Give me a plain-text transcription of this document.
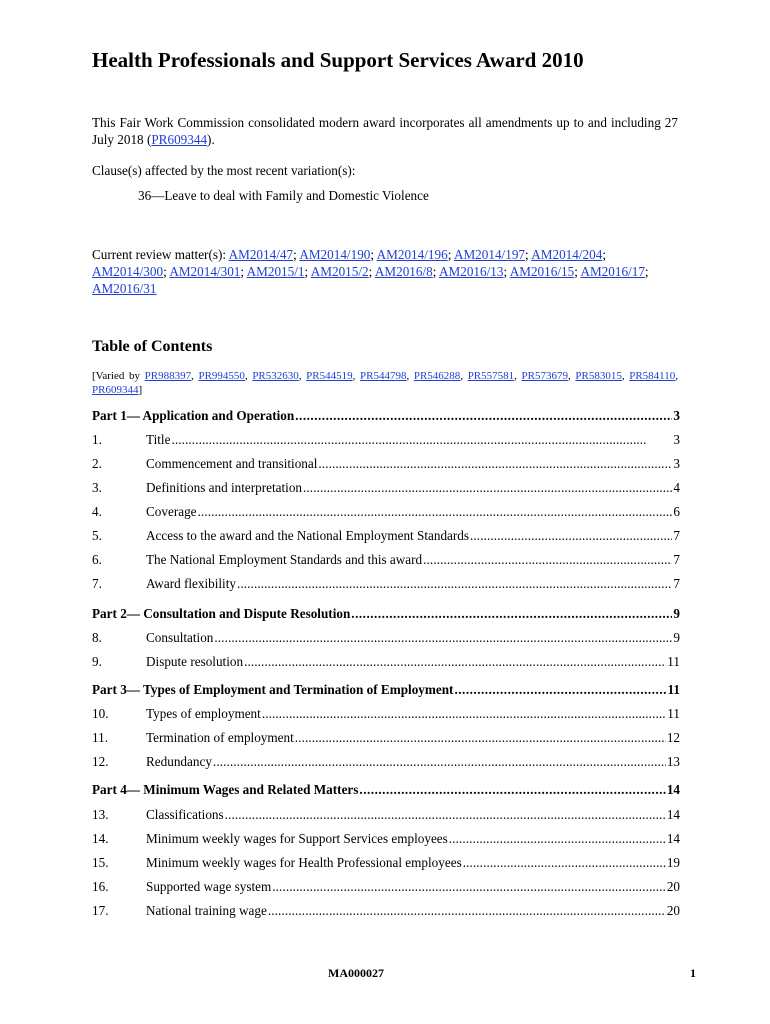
Health Professionals and Support Services Award 2010
This Fair Work Commission consolidated modern award incorporates all amendments up to and including 27 July 2018 (PR609344).
Clause(s) affected by the most recent variation(s):
36—Leave to deal with Family and Domestic Violence
Current review matter(s): AM2014/47; AM2014/190; AM2014/196; AM2014/197; AM2014/204; AM2014/300; AM2014/301; AM2015/1; AM2015/2; AM2016/8; AM2016/13; AM2016/15; AM2016/17; AM2016/31
Table of Contents
[Varied by PR988397, PR994550, PR532630, PR544519, PR544798, PR546288, PR557581, PR573679, PR583015, PR584110, PR609344]
Part 1— Application and Operation . . .	3
1.	Title . . .	3
2.	Commencement and transitional . . .	3
3.	Definitions and interpretation . . .	4
4.	Coverage . . .	6
5.	Access to the award and the National Employment Standards . . .	7
6.	The National Employment Standards and this award . . .	7
7.	Award flexibility . . .	7
Part 2— Consultation and Dispute Resolution . . .	9
8.	Consultation . . .	9
9.	Dispute resolution . . .	11
Part 3— Types of Employment and Termination of Employment . . .	11
10.	Types of employment . . .	11
11.	Termination of employment . . .	12
12.	Redundancy . . .	13
Part 4— Minimum Wages and Related Matters . . .	14
13.	Classifications . . .	14
14.	Minimum weekly wages for Support Services employees . . .	14
15.	Minimum weekly wages for Health Professional employees . . .	19
16.	Supported wage system . . .	20
17.	National training wage . . .	20
MA000027	1
